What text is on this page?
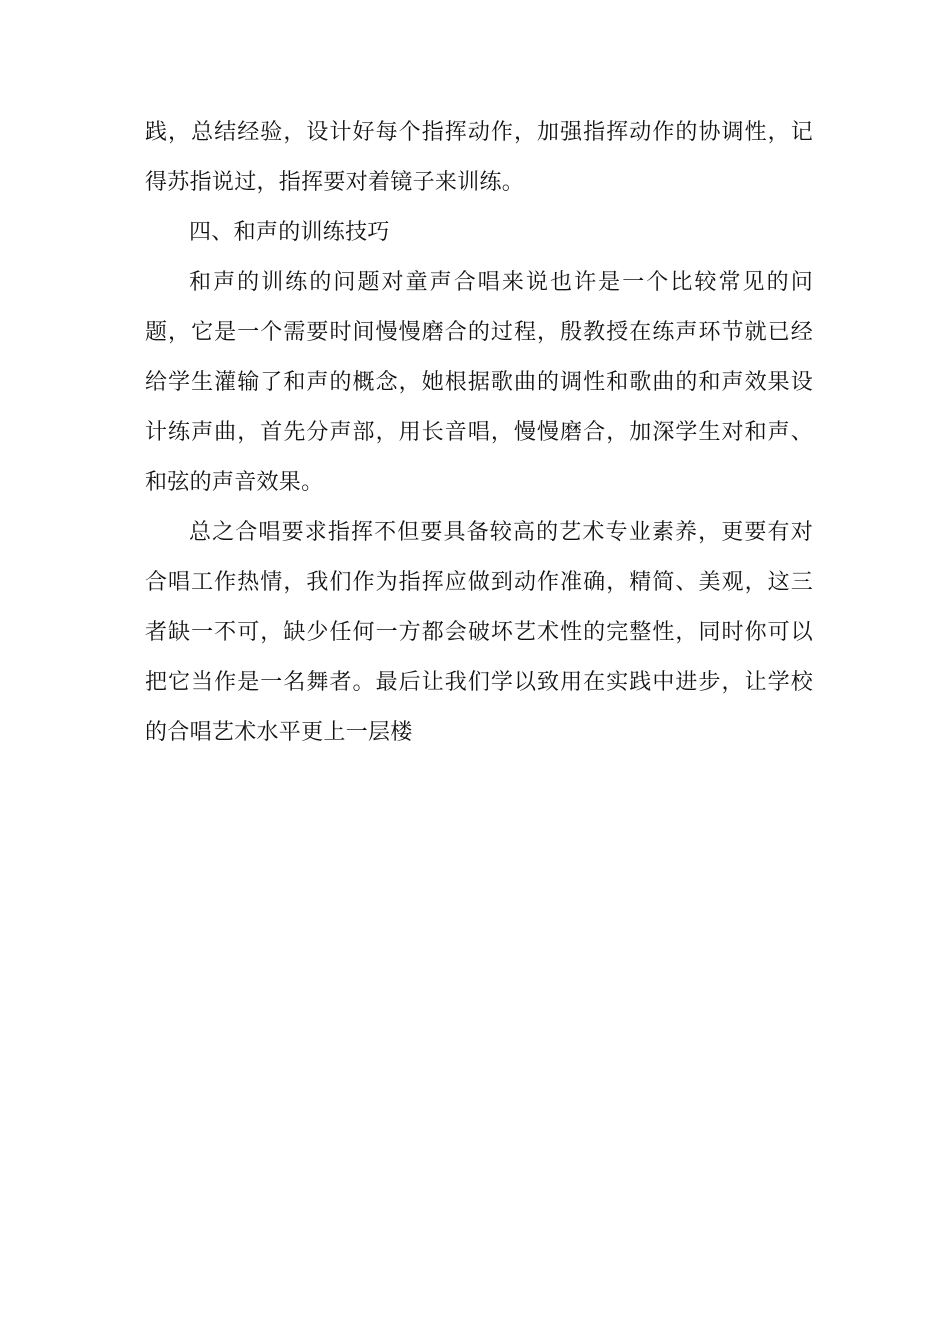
践，总结经验，设计好每个指挥动作，加强指挥动作的协调性，记得苏指说过，指挥要对着镜子来训练。

四、和声的训练技巧

和声的训练的问题对童声合唱来说也许是一个比较常见的问题，它是一个需要时间慢慢磨合的过程，殷教授在练声环节就已经给学生灌输了和声的概念，她根据歌曲的调性和歌曲的和声效果设计练声曲，首先分声部，用长音唱，慢慢磨合，加深学生对和声、和弦的声音效果。

总之合唱要求指挥不但要具备较高的艺术专业素养，更要有对合唱工作热情，我们作为指挥应做到动作准确，精简、美观，这三者缺一不可，缺少任何一方都会破坏艺术性的完整性，同时你可以把它当作是一名舞者。最后让我们学以致用在实践中进步，让学校的合唱艺术水平更上一层楼
